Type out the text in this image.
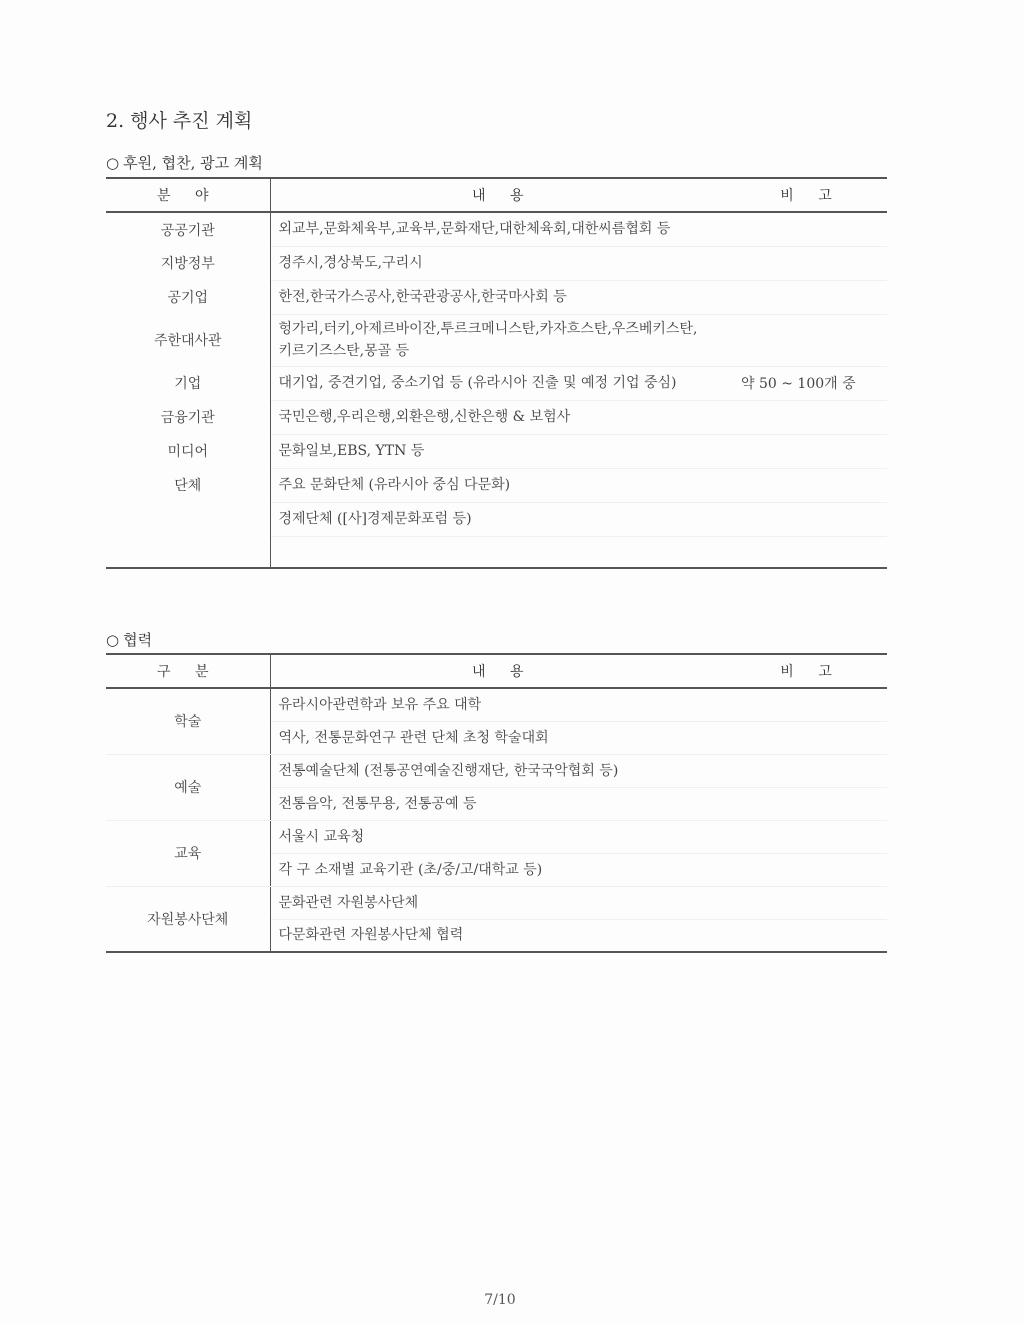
2. 행사 추진 계획
○ 후원, 협찬, 광고 계획
분 야	내 용	비 고
공공기관	외교부,문화체육부,교육부,문화재단,대한체육회,대한씨름협회 등	
지방정부	경주시,경상북도,구리시	
공기업	한전,한국가스공사,한국관광공사,한국마사회 등	
주한대사관	헝가리,터키,아제르바이잔,투르크메니스탄,카자흐스탄,우즈베키스탄,
키르기즈스탄,몽골 등	

기업	대기업, 중견기업, 중소기업 등 (유라시아 진출 및 예정 기업 중심)	약 50 ~ 100개 중
금융기관	국민은행,우리은행,외환은행,신한은행 & 보험사	
미디어	문화일보,EBS, YTN 등	
단체	주요 문화단체 (유라시아 중심 다문화)	
	경제단체 ([사]경제문화포럼 등)	

○ 협력
구 분	내 용	비 고
학술	유라시아관련학과 보유 주요 대학	
	역사, 전통문화연구 관련 단체 초청 학술대회	
예술	전통예술단체 (전통공연예술진행재단, 한국국악협회 등)	
	전통음악, 전통무용, 전통공예 등	
교육	서울시 교육청	
	각 구 소재별 교육기관 (초/중/고/대학교 등)	
자원봉사단체	문화관련 자원봉사단체	
	다문화관련 자원봉사단체 협력	
7/10
